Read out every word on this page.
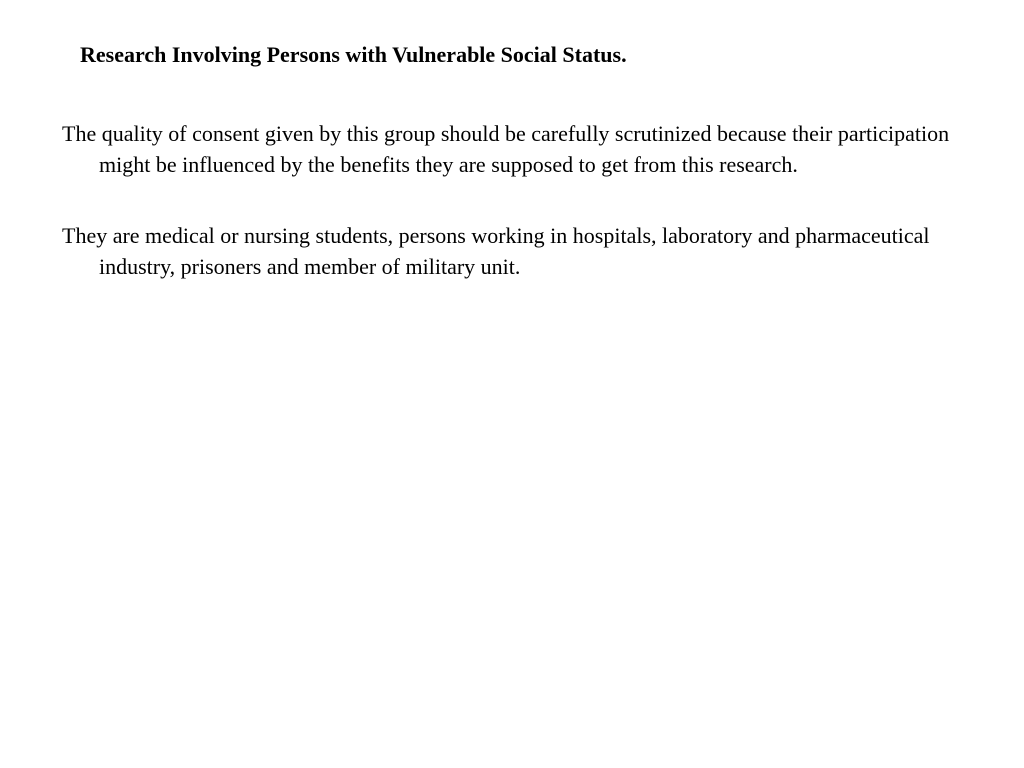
Research Involving Persons with Vulnerable Social Status.

The quality of consent given by this group should be carefully scrutinized because their participation might be influenced by the benefits they are supposed to get from this research.

They are medical or nursing students, persons working in hospitals, laboratory and pharmaceutical industry, prisoners and member of military unit.
